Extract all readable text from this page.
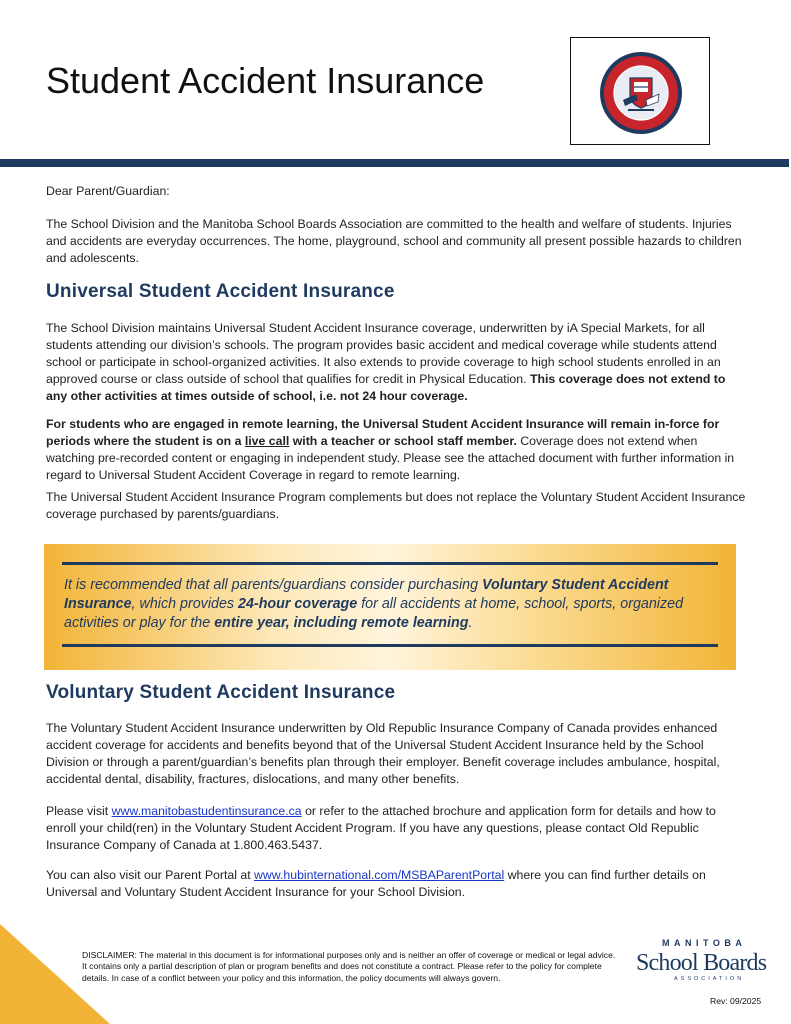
Student Accident Insurance

Dear Parent/Guardian:

The School Division and the Manitoba School Boards Association are committed to the health and welfare of students. Injuries and accidents are everyday occurrences. The home, playground, school and community all present possible hazards to children and adolescents.

Universal Student Accident Insurance

The School Division maintains Universal Student Accident Insurance coverage, underwritten by iA Special Markets, for all students attending our division’s schools. The program provides basic accident and medical coverage while students attend school or participate in school-organized activities. It also extends to provide coverage to high school students enrolled in an approved course or class outside of school that qualifies for credit in Physical Education. This coverage does not extend to any other activities at times outside of school, i.e. not 24 hour coverage.

For students who are engaged in remote learning, the Universal Student Accident Insurance will remain in-force for periods where the student is on a live call with a teacher or school staff member. Coverage does not extend when watching pre-recorded content or engaging in independent study. Please see the attached document with further information in regard to Universal Student Accident Coverage in regard to remote learning.

The Universal Student Accident Insurance Program complements but does not replace the Voluntary Student Accident Insurance coverage purchased by parents/guardians.

It is recommended that all parents/guardians consider purchasing Voluntary Student Accident Insurance, which provides 24-hour coverage for all accidents at home, school, sports, organized activities or play for the entire year, including remote learning.

Voluntary Student Accident Insurance

The Voluntary Student Accident Insurance underwritten by Old Republic Insurance Company of Canada provides enhanced accident coverage for accidents and benefits beyond that of the Universal Student Accident Insurance held by the School Division or through a parent/guardian’s benefits plan through their employer. Benefit coverage includes ambulance, hospital, accidental dental, disability, fractures, dislocations, and many other benefits.

Please visit www.manitobastudentinsurance.ca or refer to the attached brochure and application form for details and how to enroll your child(ren) in the Voluntary Student Accident Program. If you have any questions, please contact Old Republic Insurance Company of Canada at 1.800.463.5437.

You can also visit our Parent Portal at www.hubinternational.com/MSBAParentPortal where you can find further details on Universal and Voluntary Student Accident Insurance for your School Division.

DISCLAIMER: The material in this document is for informational purposes only and is neither an offer of coverage or medical or legal advice. It contains only a partial description of plan or program benefits and does not constitute a contract. Please refer to the policy for complete details. In case of a conflict between your policy and this information, the policy documents will always govern.

MANITOBA
School Boards
ASSOCIATION

Rev: 09/2025
